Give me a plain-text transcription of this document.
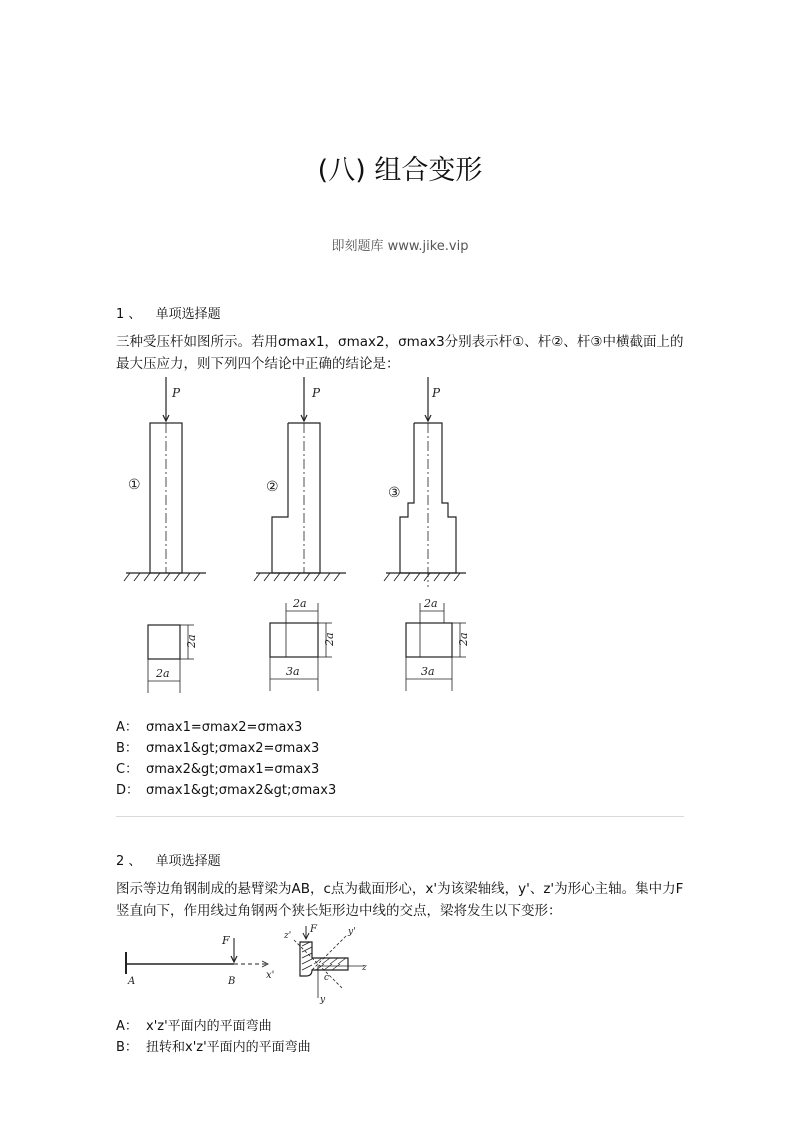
(八) 组合变形
即刻题库 www.jike.vip
1 、 单项选择题
三种受压杆如图所示。若用σmax1，σmax2，σmax3分别表示杆①、杆②、杆③中横截面上的最大压应力，则下列四个结论中正确的结论是：
P
①
P
②
P
③
2a
2a
2a
2a
3a
2a
2a
3a
A： σmax1=σmax2=σmax3
B： σmax1&gt;σmax2=σmax3
C： σmax2&gt;σmax1=σmax3
D： σmax1&gt;σmax2&gt;σmax3
2 、 单项选择题
图示等边角钢制成的悬臂梁为AB，c点为截面形心，x'为该梁轴线，y'、z'为形心主轴。集中力F竖直向下，作用线过角钢两个狭长矩形边中线的交点，梁将发生以下变形：
F
A	B
x'
F
z'	y'
z
y
c
A： x'z'平面内的平面弯曲
B： 扭转和x'z'平面内的平面弯曲
